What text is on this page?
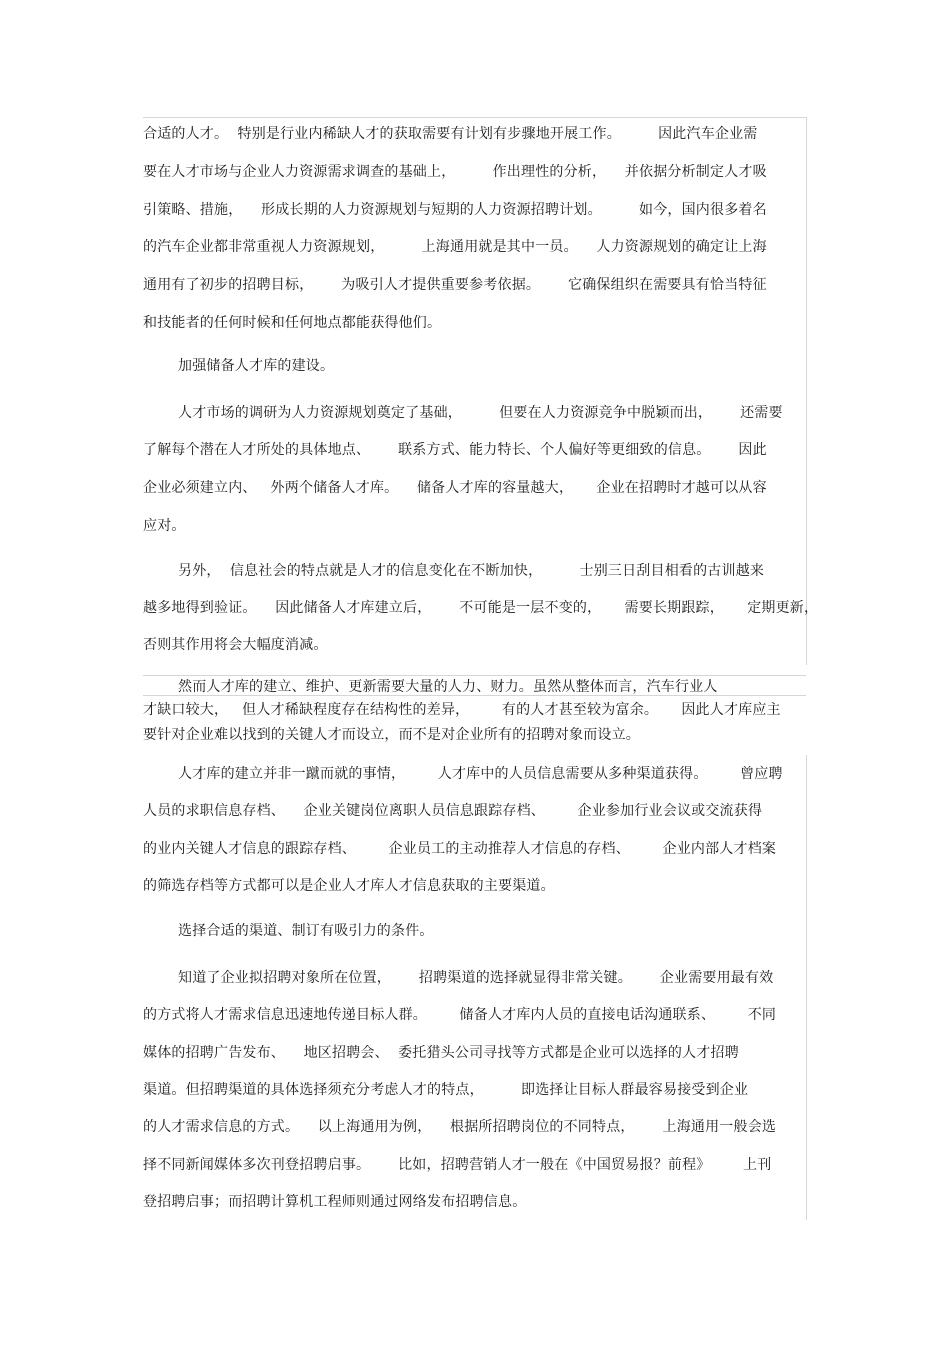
合适的人才。  特别是行业内稀缺人才的获取需要有计划有步骤地开展工作。        因此汽车企业需
要在人才市场与企业人力资源需求调查的基础上，        作出理性的分析，    并依据分析制定人才吸
引策略、措施，    形成长期的人力资源规划与短期的人力资源招聘计划。        如今，国内很多着名
的汽车企业都非常重视人力资源规划，        上海通用就是其中一员。    人力资源规划的确定让上海
通用有了初步的招聘目标，      为吸引人才提供重要参考依据。      它确保组织在需要具有恰当特征
和技能者的任何时候和任何地点都能获得他们。
加强储备人才库的建设。
人才市场的调研为人力资源规划奠定了基础，        但要在人力资源竞争中脱颖而出，      还需要
了解每个潜在人才所处的具体地点、      联系方式、能力特长、个人偏好等更细致的信息。      因此
企业必须建立内、   外两个储备人才库。    储备人才库的容量越大，     企业在招聘时才越可以从容
应对。
另外，  信息社会的特点就是人才的信息变化在不断加快，        士别三日刮目相看的古训越来
越多地得到验证。    因此储备人才库建立后，      不可能是一层不变的，     需要长期跟踪，     定期更新，
否则其作用将会大幅度消减。
然而人才库的建立、维护、更新需要大量的人力、财力。虽然从整体而言，汽车行业人
才缺口较大，   但人才稀缺程度存在结构性的差异，       有的人才甚至较为富余。     因此人才库应主
要针对企业难以找到的关键人才而设立，而不是对企业所有的招聘对象而设立。
人才库的建立并非一蹴而就的事情，       人才库中的人员信息需要从多种渠道获得。       曾应聘
人员的求职信息存档、    企业关键岗位离职人员信息跟踪存档、       企业参加行业会议或交流获得
的业内关键人才信息的跟踪存档、       企业员工的主动推荐人才信息的存档、       企业内部人才档案
的筛选存档等方式都可以是企业人才库人才信息获取的主要渠道。
选择合适的渠道、制订有吸引力的条件。
知道了企业拟招聘对象所在位置，      招聘渠道的选择就显得非常关键。      企业需要用最有效
的方式将人才需求信息迅速地传递目标人群。       储备人才库内人员的直接电话沟通联系、       不同
媒体的招聘广告发布、    地区招聘会、  委托猎头公司寻找等方式都是企业可以选择的人才招聘
渠道。但招聘渠道的具体选择须充分考虑人才的特点，        即选择让目标人群最容易接受到企业
的人才需求信息的方式。    以上海通用为例，    根据所招聘岗位的不同特点，      上海通用一般会选
择不同新闻媒体多次刊登招聘启事。      比如，招聘营销人才一般在《中国贸易报？前程》       上刊
登招聘启事；而招聘计算机工程师则通过网络发布招聘信息。
